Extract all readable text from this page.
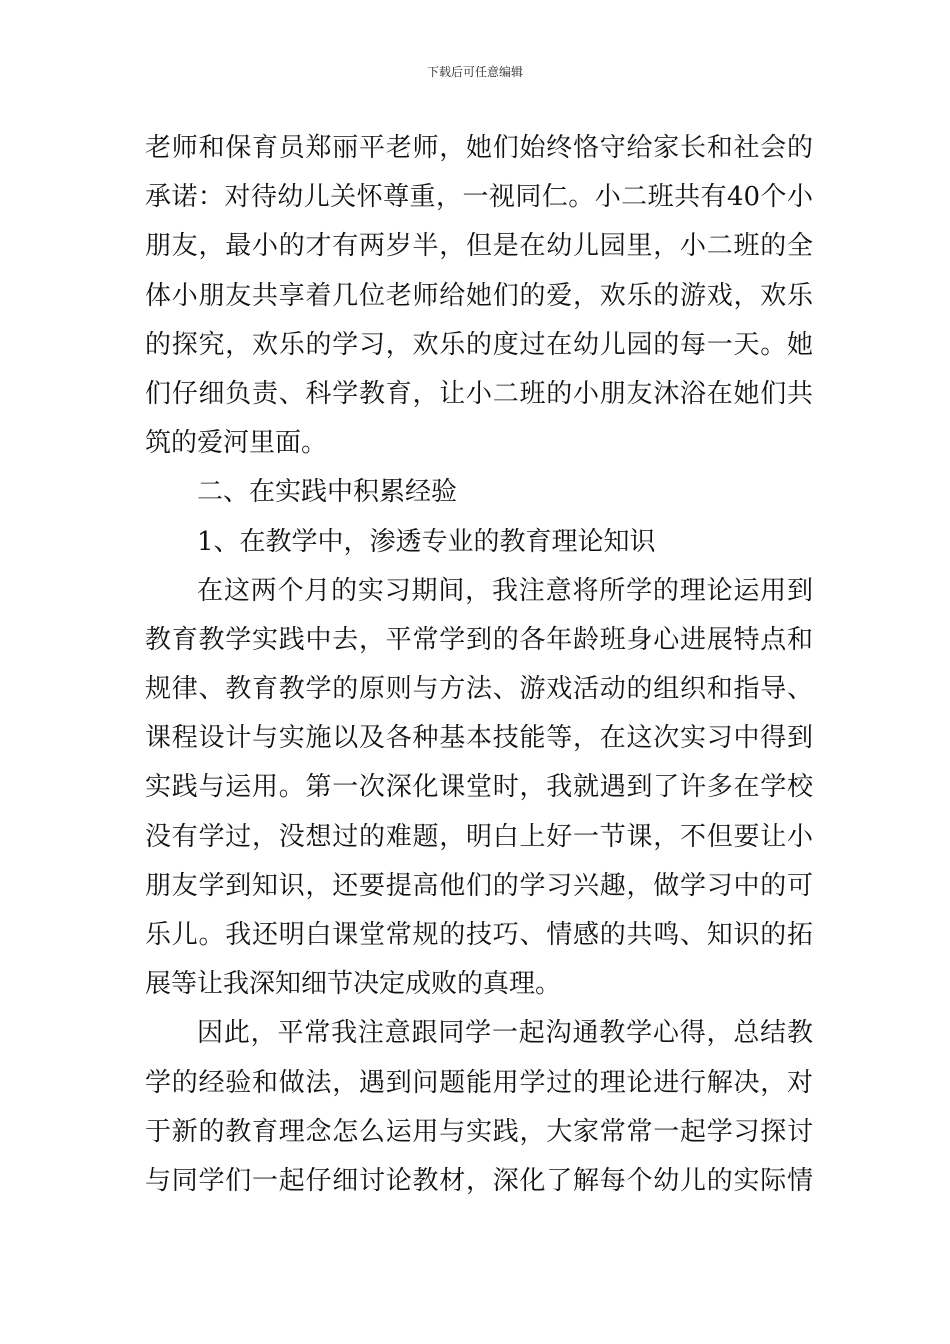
下载后可任意编辑
老师和保育员郑丽平老师，她们始终恪守给家长和社会的
承诺：对待幼儿关怀尊重，一视同仁。小二班共有40个小
朋友，最小的才有两岁半，但是在幼儿园里，小二班的全
体小朋友共享着几位老师给她们的爱，欢乐的游戏，欢乐
的探究，欢乐的学习，欢乐的度过在幼儿园的每一天。她
们仔细负责、科学教育，让小二班的小朋友沐浴在她们共
筑的爱河里面。
二、在实践中积累经验
1、在教学中，渗透专业的教育理论知识
在这两个月的实习期间，我注意将所学的理论运用到
教育教学实践中去，平常学到的各年龄班身心进展特点和
规律、教育教学的原则与方法、游戏活动的组织和指导、
课程设计与实施以及各种基本技能等，在这次实习中得到
实践与运用。第一次深化课堂时，我就遇到了许多在学校
没有学过，没想过的难题，明白上好一节课，不但要让小
朋友学到知识，还要提高他们的学习兴趣，做学习中的可
乐儿。我还明白课堂常规的技巧、情感的共鸣、知识的拓
展等让我深知细节决定成败的真理。
因此，平常我注意跟同学一起沟通教学心得，总结教
学的经验和做法，遇到问题能用学过的理论进行解决，对
于新的教育理念怎么运用与实践，大家常常一起学习探讨
与同学们一起仔细讨论教材，深化了解每个幼儿的实际情
